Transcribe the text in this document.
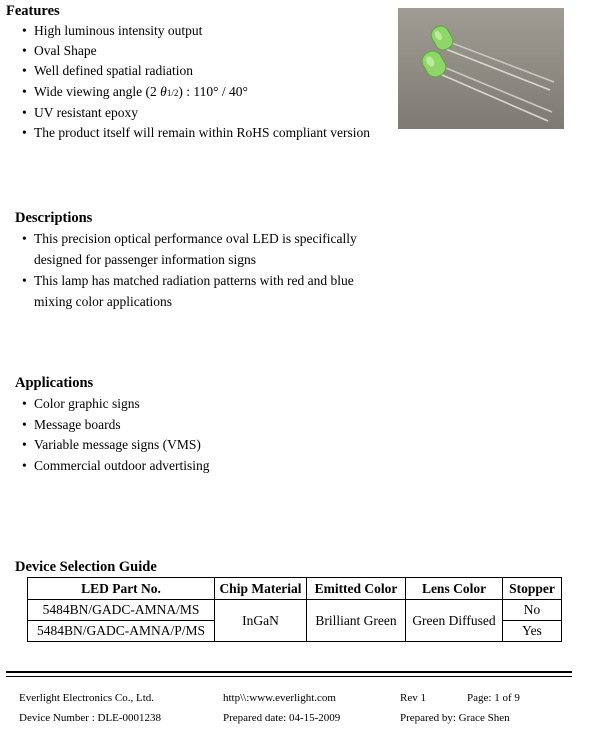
Features
• High luminous intensity output
• Oval Shape
• Well defined spatial radiation
• Wide viewing angle (2 θ1/2) : 110° / 40°
• UV resistant epoxy
• The product itself will remain within RoHS compliant version
Descriptions
• This precision optical performance oval LED is specifically
designed for passenger information signs
• This lamp has matched radiation patterns with red and blue
mixing color applications
Applications
• Color graphic signs
• Message boards
• Variable message signs (VMS)
• Commercial outdoor advertising
Device Selection Guide
LED Part No.	Chip Material	Emitted Color	Lens Color	Stopper
5484BN/GADC-AMNA/MS	InGaN	Brilliant Green	Green Diffused	No
5484BN/GADC-AMNA/P/MS				Yes
Everlight Electronics Co., Ltd.	http\\:www.everlight.com	Rev 1	Page: 1 of 9
Device Number : DLE-0001238	Prepared date: 04-15-2009	Prepared by: Grace Shen
